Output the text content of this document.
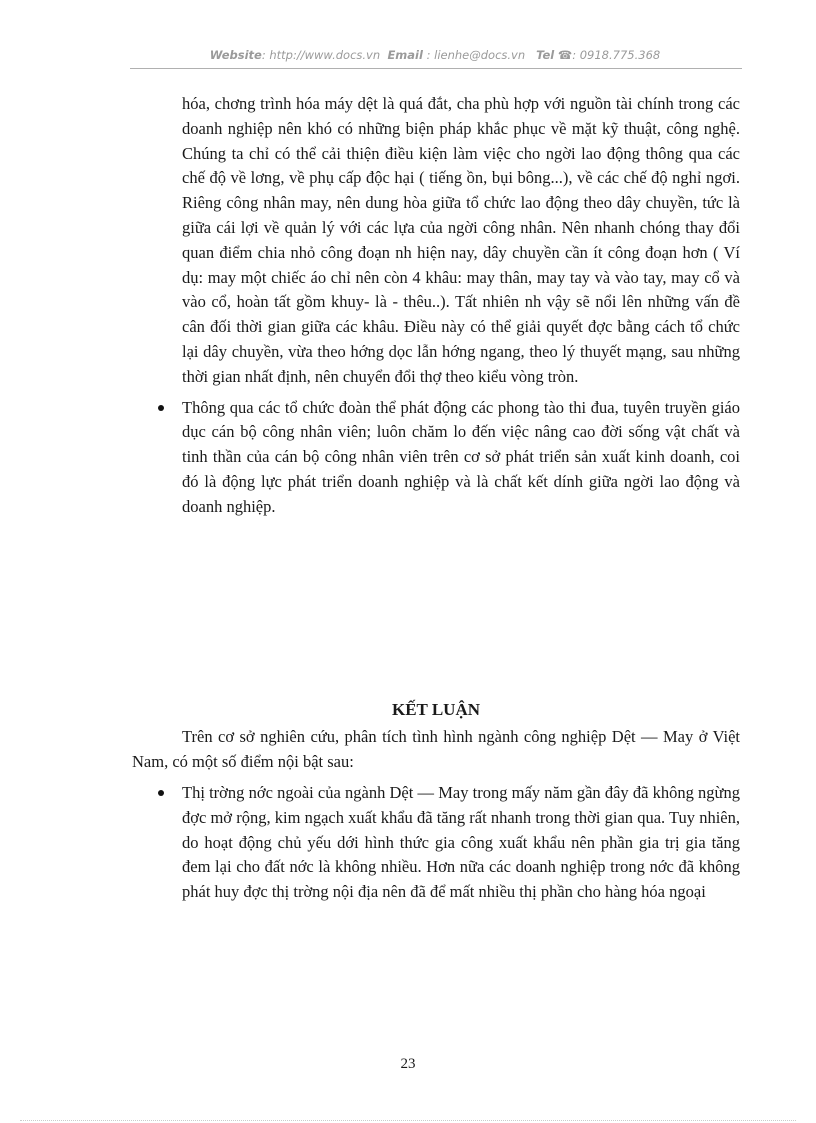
Website: http://www.docs.vn Email : lienhe@docs.vn Tel ☎: 0918.775.368
hóa, chơng trình hóa máy dệt là quá đắt, cha phù hợp với nguồn tài chính trong các doanh nghiệp nên khó có những biện pháp khắc phục về mặt kỹ thuật, công nghệ. Chúng ta chỉ có thể cải thiện điều kiện làm việc cho ngời lao động thông qua các chế độ về lơng, về phụ cấp độc hại ( tiếng ồn, bụi bông...), về các chế độ nghỉ ngơi. Riêng công nhân may, nên dung hòa giữa tổ chức lao động theo dây chuyền, tức là giữa cái lợi về quản lý với các lựa của ngời công nhân. Nên nhanh chóng thay đổi quan điểm chia nhỏ công đoạn nh hiện nay, dây chuyền cần ít công đoạn hơn ( Ví dụ: may một chiếc áo chỉ nên còn 4 khâu: may thân, may tay và vào tay, may cổ và vào cổ, hoàn tất gồm khuy- là - thêu..). Tất nhiên nh vậy sẽ nổi lên những vấn đề cân đối thời gian giữa các khâu. Điều này có thể giải quyết đợc bằng cách tổ chức lại dây chuyền, vừa theo hớng dọc lẫn hớng ngang, theo lý thuyết mạng, sau những thời gian nhất định, nên chuyển đổi thợ theo kiểu vòng tròn.
Thông qua các tổ chức đoàn thể phát động các phong tào thi đua, tuyên truyền giáo dục cán bộ công nhân viên; luôn chăm lo đến việc nâng cao đời sống vật chất và tinh thần của cán bộ công nhân viên trên cơ sở phát triển sản xuất kinh doanh, coi đó là động lực phát triển doanh nghiệp và là chất kết dính giữa ngời lao động và doanh nghiệp.
KẾT LUẬN
Trên cơ sở nghiên cứu, phân tích tình hình ngành công nghiệp Dệt — May ở Việt Nam, có một số điểm nội bật sau:
Thị trờng nớc ngoài của ngành Dệt — May trong mấy năm gần đây đã không ngừng đợc mở rộng, kim ngạch xuất khẩu đã tăng rất nhanh trong thời gian qua. Tuy nhiên, do hoạt động chủ yếu dới hình thức gia công xuất khẩu nên phần gia trị gia tăng đem lại cho đất nớc là không nhiều. Hơn nữa các doanh nghiệp trong nớc đã không phát huy đợc thị trờng nội địa nên đã để mất nhiều thị phần cho hàng hóa ngoại
23
